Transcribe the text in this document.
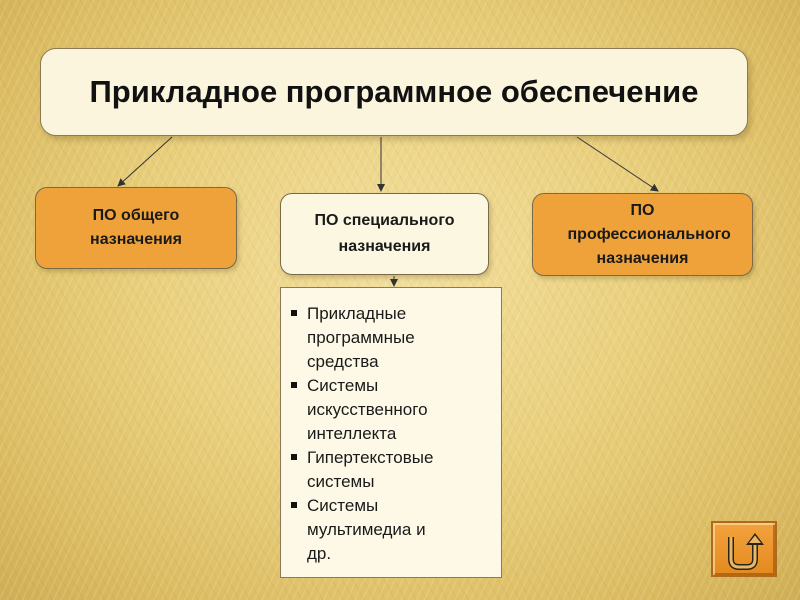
Прикладное программное обеспечение
ПО общего назначения
ПО специального назначения
ПО профессионального назначения
Прикладные программные средства
Системы искусственного интеллекта
Гипертекстовые системы
Системы мультимедиа и др.
